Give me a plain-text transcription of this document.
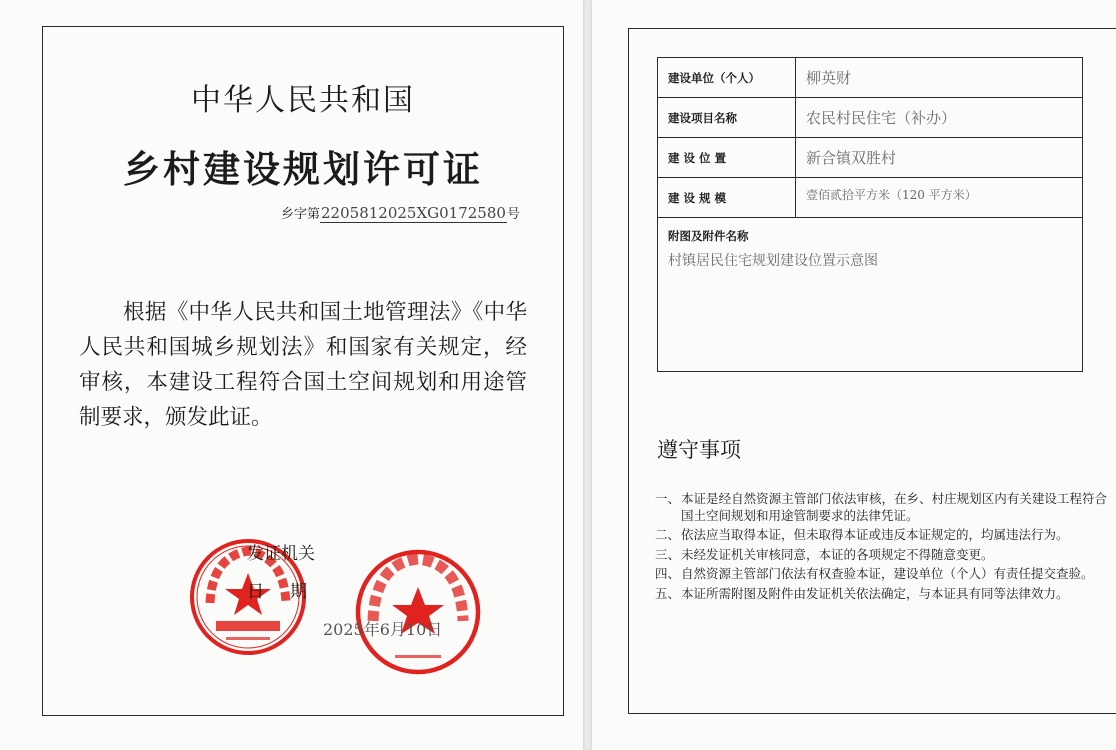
中华人民共和国
乡村建设规划许可证
乡字第2205812025XG0172580号
根据《中华人民共和国土地管理法》《中华人民共和国城乡规划法》和国家有关规定，经审核，本建设工程符合国土空间规划和用途管制要求，颁发此证。
发证机关
日期
2025年6月10日
建设单位（个人）	柳英财
建设项目名称	农民村民住宅（补办）
建 设 位 置	新合镇双胜村
建 设 规 模	壹佰贰拾平方米（120 平方米）

附图及附件名称
村镇居民住宅规划建设位置示意图	
遵守事项
一、 本证是经自然资源主管部门依法审核，在乡、村庄规划区内有关建设工程符合国土空间规划和用途管制要求的法律凭证。
二、 依法应当取得本证，但未取得本证或违反本证规定的，均属违法行为。
三、 未经发证机关审核同意，本证的各项规定不得随意变更。
四、 自然资源主管部门依法有权查验本证，建设单位（个人）有责任提交查验。
五、 本证所需附图及附件由发证机关依法确定，与本证具有同等法律效力。
